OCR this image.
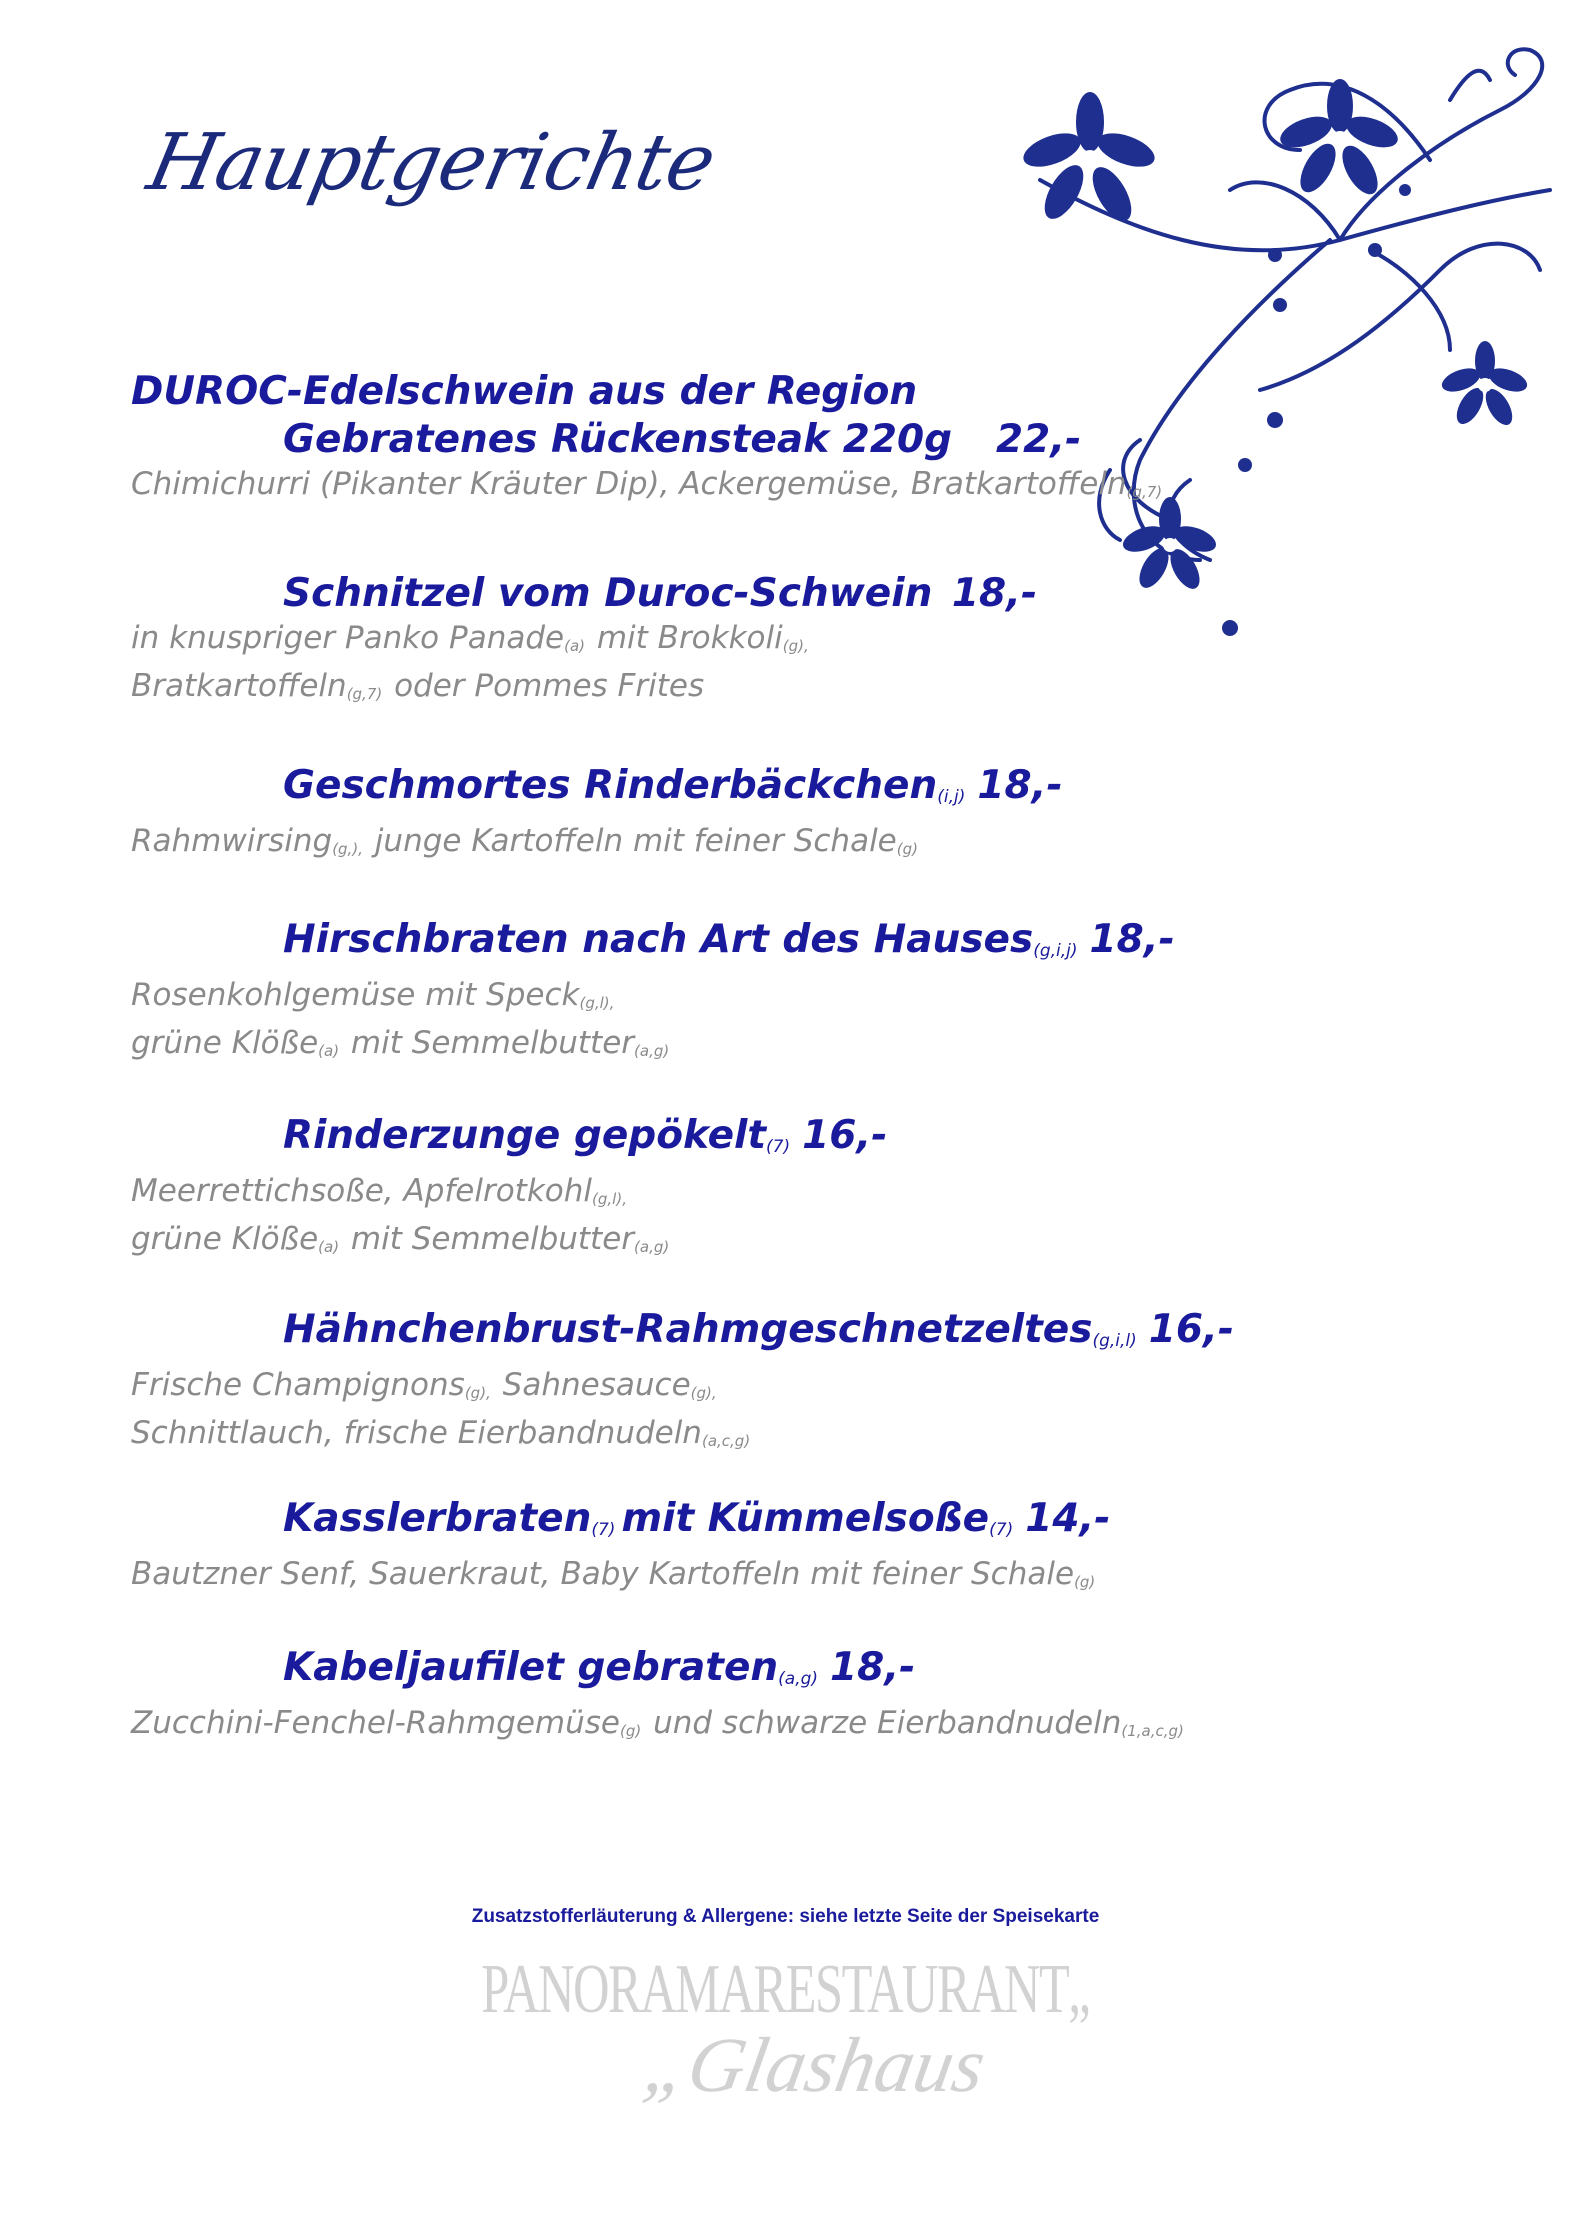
Hauptgerichte
DUROC-Edelschwein aus der Region
Gebratenes Rückensteak 220g 22,-
Chimichurri (Pikanter Kräuter Dip), Ackergemüse, Bratkartoffeln$_{(g,7)}$
Schnitzel vom Duroc-Schwein 18,-
in knuspriger Panko Panade$_{(a)}$ mit Brokkoli$_{(g),}$
Bratkartoffeln$_{(g,7)}$ oder Pommes Frites
Geschmortes Rinderbäckchen$_{(i,j)}$ 18,-
Rahmwirsing$_{(g,),}$ junge Kartoffeln mit feiner Schale$_{(g)}$
Hirschbraten nach Art des Hauses$_{(g,i,j)}$ 18,-
Rosenkohlgemüse mit Speck$_{(g,l),}$
grüne Klöße$_{(a)}$ mit Semmelbutter$_{(a,g)}$
Rinderzunge gepökelt$_{(7)}$ 16,-
Meerrettichsoße, Apfelrotkohl$_{(g,l),}$
grüne Klöße$_{(a)}$ mit Semmelbutter$_{(a,g)}$
Hähnchenbrust-Rahmgeschnetzeltes$_{(g,i,l)}$ 16,-
Frische Champignons$_{(g),}$ Sahnesauce$_{(g),}$
Schnittlauch, frische Eierbandnudeln$_{(a,c,g)}$
Kasslerbraten$_{(7)}$ mit Kümmelsoße$_{(7)}$ 14,-
Bautzner Senf, Sauerkraut, Baby Kartoffeln mit feiner Schale$_{(g)}$
Kabeljaufilet gebraten$_{(a,g)}$ 18,-
Zucchini-Fenchel-Rahmgemüse$_{(g)}$ und schwarze Eierbandnudeln$_{(1,a,c,g)}$
Zusatzstofferläuterung & Allergene: siehe letzte Seite der Speisekarte
PANORAMARESTAURANT„
„Glashaus
